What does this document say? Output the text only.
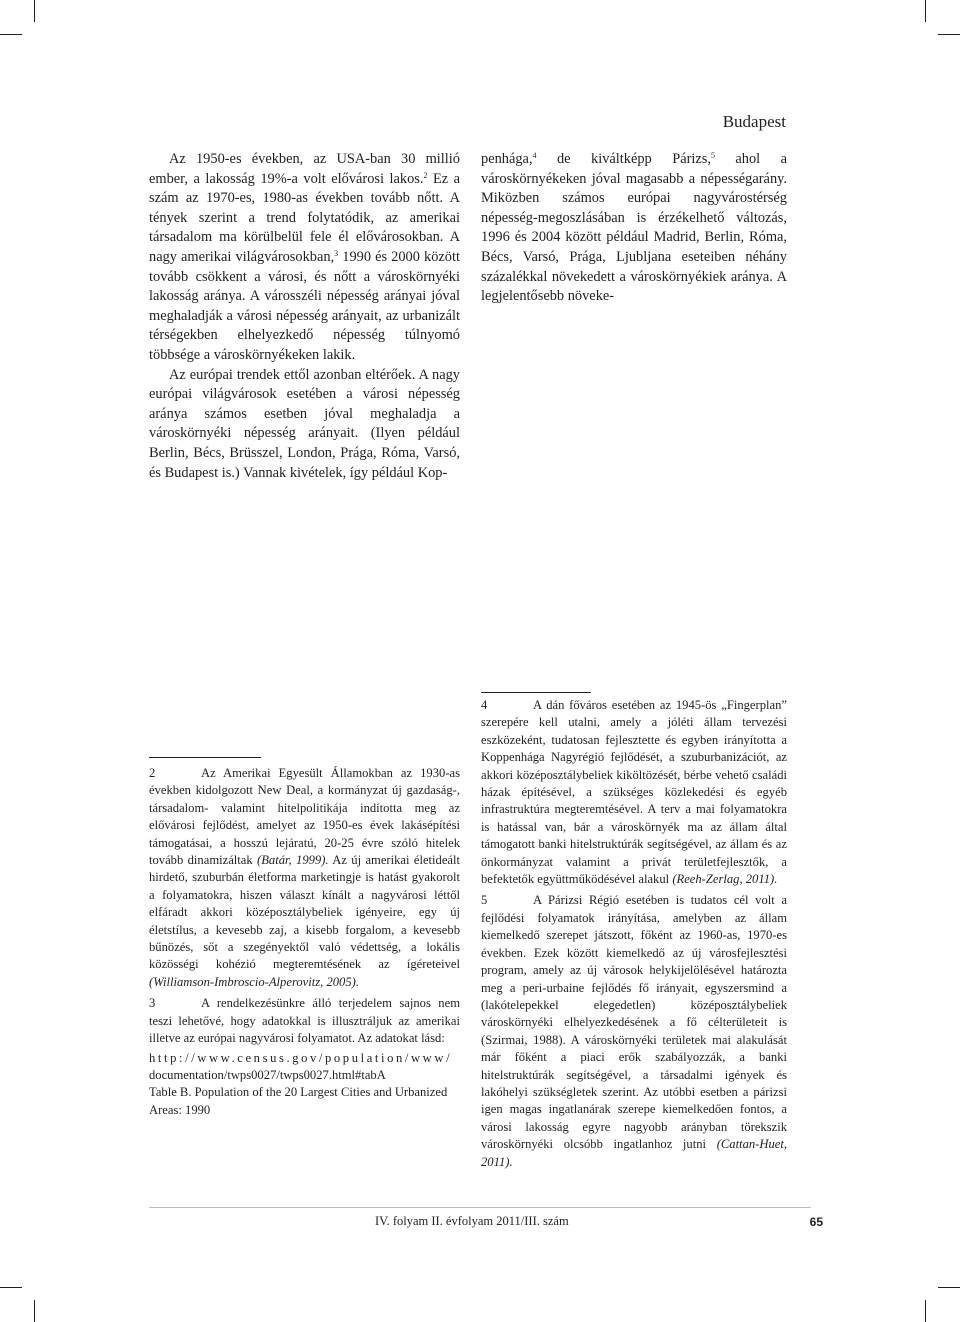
Budapest

Az 1950-es években, az USA-ban 30 millió ember, a lakosság 19%-a volt elővárosi lakos.$^2$ Ez a szám az 1970-es, 1980-as években tovább nőtt. A tények szerint a trend folytatódik, az amerikai társadalom ma körülbelül fele él elővárosokban. A nagy amerikai világvárosokban,$^3$ 1990 és 2000 között tovább csökkent a városi, és nőtt a városkörnyéki lakosság aránya. A városszéli népesség arányai jóval meghaladják a városi népesség arányait, az urbanizált térségekben elhelyezkedő népesség túlnyomó többsége a városkörnyékeken lakik.

Az európai trendek ettől azonban eltérőek. A nagy európai világvárosok esetében a városi népesség aránya számos esetben jóval meghaladja a városkörnyéki népesség arányait. (Ilyen például Berlin, Bécs, Brüsszel, London, Prága, Róma, Varsó, és Budapest is.) Vannak kivételek, így például Kop-

penhága,$^4$ de kiváltképp Párizs,$^5$ ahol a városkörnyékeken jóval magasabb a népességarány. Miközben számos európai nagyvárostérség népesség-megoszlásában is érzékelhető változás, 1996 és 2004 között például Madrid, Berlin, Róma, Bécs, Varsó, Prága, Ljubljana eseteiben néhány százalékkal növekedett a városkörnyékiek aránya. A legjelentősebb növeke-

2	Az Amerikai Egyesült Államokban az 1930-as években kidolgozott New Deal, a kormányzat új gazdaság-, társadalom- valamint hitelpolitikája indította meg az elővárosi fejlődést, amelyet az 1950-es évek lakásépítési támogatásai, a hosszú lejáratú, 20-25 évre szóló hitelek tovább dinamizáltak (Batár, 1999). Az új amerikai életideált hirdető, szuburbán életforma marketingje is hatást gyakorolt a folyamatokra, hiszen választ kínált a nagyvárosi léttől elfáradt akkori középosztálybeliek igényeire, egy új életstílus, a kevesebb zaj, a kisebb forgalom, a kevesebb bűnözés, sőt a szegényektől való védettség, a lokális közösségi kohézió megteremtésének az ígéreteivel (Williamson-Imbroscio-Alperovitz, 2005).

3	A rendelkezésünkre álló terjedelem sajnos nem teszi lehetővé, hogy adatokkal is illusztráljuk az amerikai illetve az európai nagyvárosi folyamatot. Az adatokat lásd:

http://www.census.gov/population/www/
documentation/twps0027/twps0027.html#tabA
Table B. Population of the 20 Largest Cities and Urbanized Areas: 1990

4	A dán főváros esetében az 1945-ös „Fingerplan” szerepére kell utalni, amely a jóléti állam tervezési eszközeként, tudatosan fejlesztette és egyben irányította a Koppenhága Nagyrégió fejlődését, a szuburbanizációt, az akkori középosztálybeliek kiköltözését, bérbe vehető családi házak építésével, a szükséges közlekedési és egyéb infrastruktúra megteremtésével. A terv a mai folyamatokra is hatással van, bár a városkörnyék ma az állam által támogatott banki hitelstruktúrák segítségével, az állam és az önkormányzat valamint a privát területfejlesztők, a befektetők együttműködésével alakul (Reeh-Zerlag, 2011).

5	A Párizsi Régió esetében is tudatos cél volt a fejlődési folyamatok irányítása, amelyben az állam kiemelkedő szerepet játszott, főként az 1960-as, 1970-es években. Ezek között kiemelkedő az új városfejlesztési program, amely az új városok helykijelölésével határozta meg a peri-urbaine fejlődés fő irányait, egyszersmind a (lakótelepekkel elegedetlen) középosztálybeliek városkörnyéki elhelyezkedésének a fő célterületeit is (Szirmai, 1988). A városkörnyéki területek mai alakulását már főként a piaci erők szabályozzák, a banki hitelstruktúrák segítségével, a társadalmi igények és lakóhelyi szükségletek szerint. Az utóbbi esetben a párizsi igen magas ingatlanárak szerepe kiemelkedően fontos, a városi lakosság egyre nagyobb arányban törekszik városkörnyéki olcsóbb ingatlanhoz jutni (Cattan-Huet, 2011).

IV. folyam II. évfolyam 2011/III. szám	65
